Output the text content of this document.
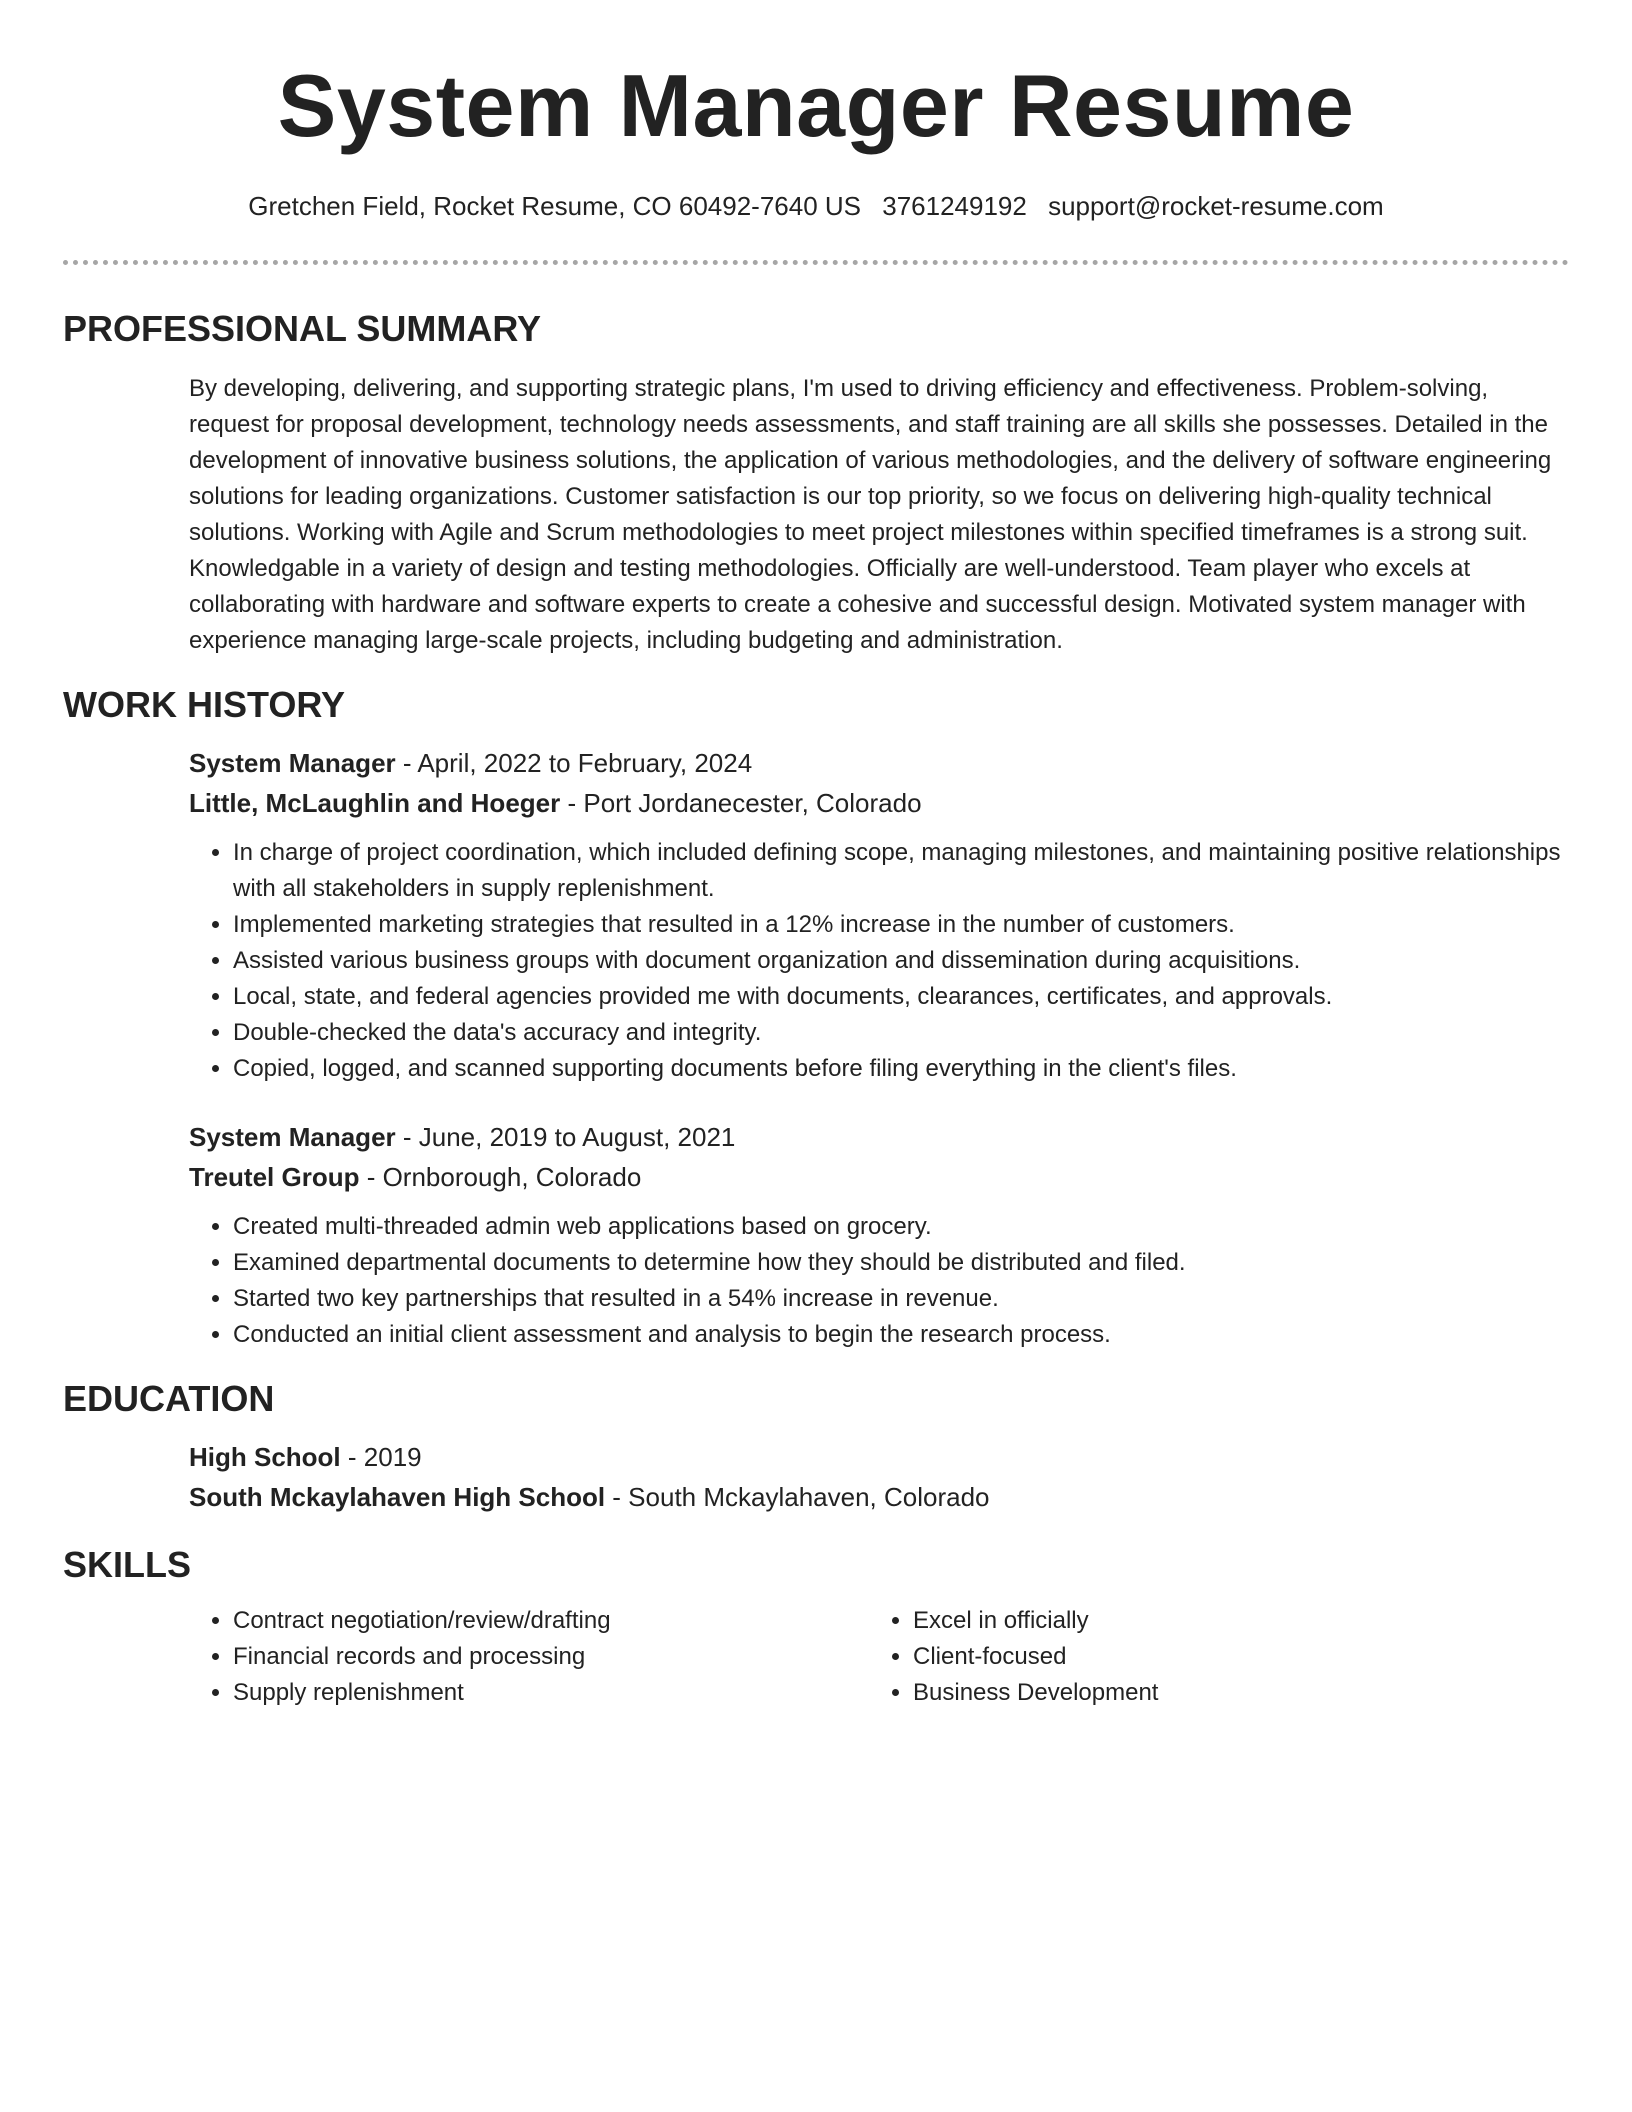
System Manager Resume
Gretchen Field, Rocket Resume, CO 60492-7640 US 3761249192 support@rocket-resume.com
PROFESSIONAL SUMMARY

By developing, delivering, and supporting strategic plans, I'm used to driving efficiency and effectiveness. Problem-solving, request for proposal development, technology needs assessments, and staff training are all skills she possesses. Detailed in the development of innovative business solutions, the application of various methodologies, and the delivery of software engineering solutions for leading organizations. Customer satisfaction is our top priority, so we focus on delivering high-quality technical solutions. Working with Agile and Scrum methodologies to meet project milestones within specified timeframes is a strong suit. Knowledgable in a variety of design and testing methodologies. Officially are well-understood. Team player who excels at collaborating with hardware and software experts to create a cohesive and successful design. Motivated system manager with experience managing large-scale projects, including budgeting and administration.

WORK HISTORY
System Manager - April, 2022 to February, 2024
Little, McLaughlin and Hoeger - Port Jordanecester, Colorado
• In charge of project coordination, which included defining scope, managing milestones, and maintaining positive relationships with all stakeholders in supply replenishment.
• Implemented marketing strategies that resulted in a 12% increase in the number of customers.
• Assisted various business groups with document organization and dissemination during acquisitions.
• Local, state, and federal agencies provided me with documents, clearances, certificates, and approvals.
• Double-checked the data's accuracy and integrity.
• Copied, logged, and scanned supporting documents before filing everything in the client's files.
System Manager - June, 2019 to August, 2021
Treutel Group - Ornborough, Colorado
• Created multi-threaded admin web applications based on grocery.
• Examined departmental documents to determine how they should be distributed and filed.
• Started two key partnerships that resulted in a 54% increase in revenue.
• Conducted an initial client assessment and analysis to begin the research process.
EDUCATION
High School - 2019
South Mckaylahaven High School - South Mckaylahaven, Colorado
SKILLS
• Contract negotiation/review/drafting
• Financial records and processing
• Supply replenishment
• Excel in officially
• Client-focused
• Business Development
